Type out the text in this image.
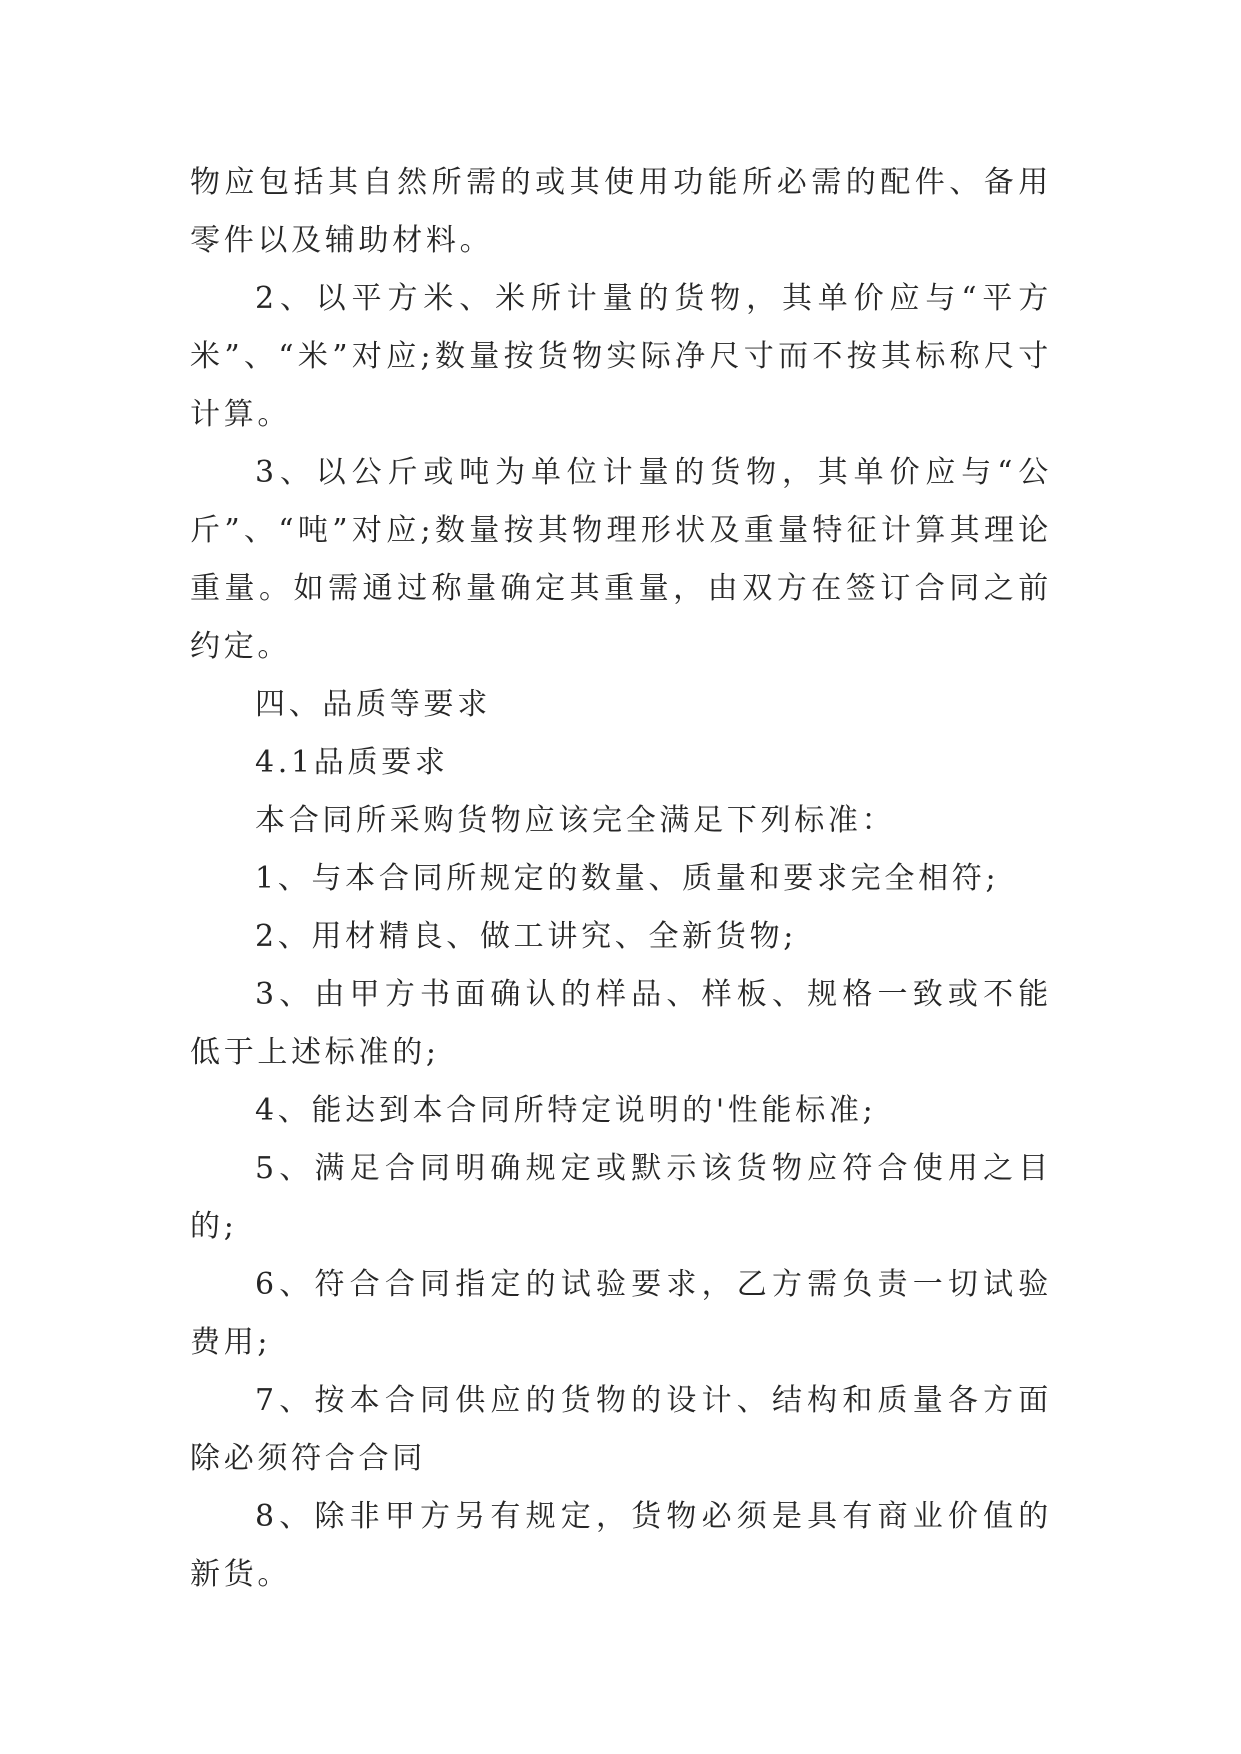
物应包括其自然所需的或其使用功能所必需的配件、备用零件以及辅助材料。

2、以平方米、米所计量的货物，其单价应与“平方米”、“米”对应;数量按货物实际净尺寸而不按其标称尺寸计算。

3、以公斤或吨为单位计量的货物，其单价应与“公斤”、“吨”对应;数量按其物理形状及重量特征计算其理论重量。如需通过称量确定其重量，由双方在签订合同之前约定。

四、品质等要求

4.1品质要求

本合同所采购货物应该完全满足下列标准：

1、与本合同所规定的数量、质量和要求完全相符;

2、用材精良、做工讲究、全新货物;

3、由甲方书面确认的样品、样板、规格一致或不能低于上述标准的;

4、能达到本合同所特定说明的'性能标准;

5、满足合同明确规定或默示该货物应符合使用之目的;

6、符合合同指定的试验要求，乙方需负责一切试验费用;

7、按本合同供应的货物的设计、结构和质量各方面除必须符合合同

8、除非甲方另有规定，货物必须是具有商业价值的新货。
